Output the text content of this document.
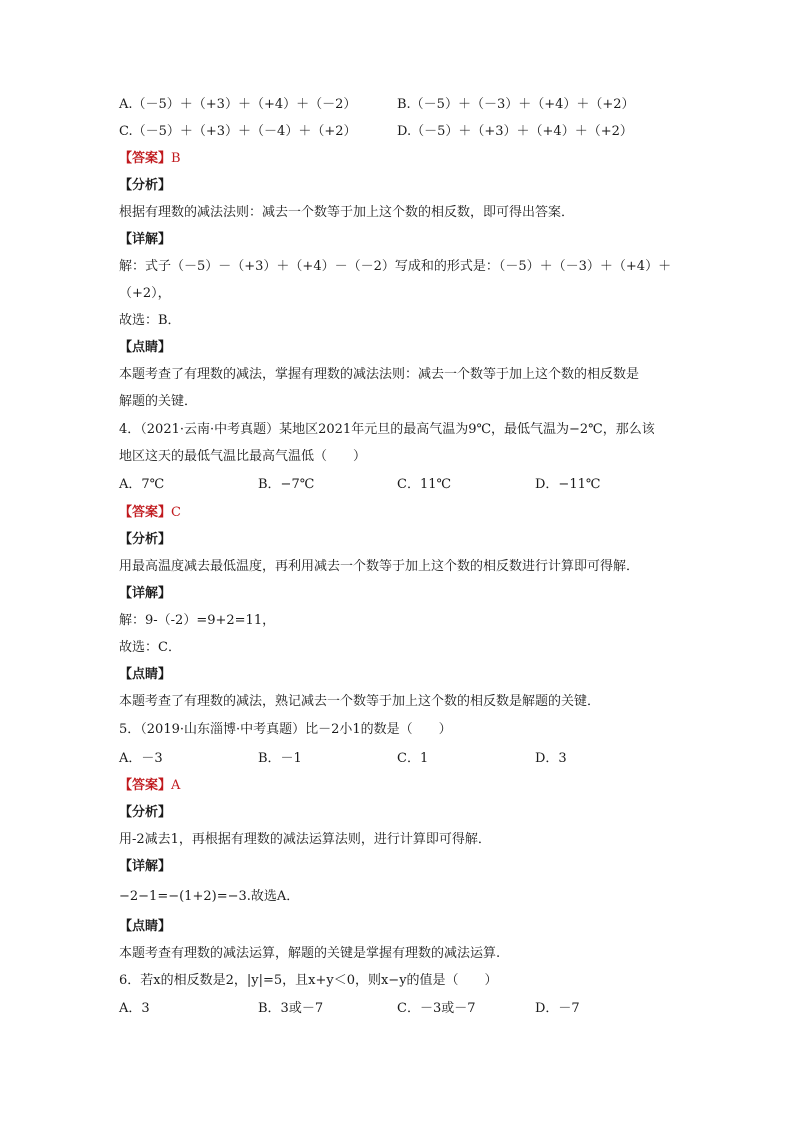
A.（－5）＋（+3）＋（+4）＋（－2）	B.（－5）＋（－3）＋（+4）＋（+2）
C.（－5）＋（+3）＋（－4）＋（+2）	D.（－5）＋（+3）＋（+4）＋（+2）
【答案】B
【分析】
根据有理数的减法法则：减去一个数等于加上这个数的相反数，即可得出答案．
【详解】
解：式子（－5）－（+3）＋（+4）－（－2）写成和的形式是：（－5）＋（－3）＋（+4）＋
（+2），
故选：B．
【点睛】
本题考查了有理数的减法，掌握有理数的减法法则：减去一个数等于加上这个数的相反数是
解题的关键．
4．（2021·云南·中考真题）某地区2021年元旦的最高气温为9℃，最低气温为−2℃，那么该
地区这天的最低气温比最高气温低（　　）
A．7℃	B．−7℃	C．11℃	D．−11℃
【答案】C
【分析】
用最高温度减去最低温度，再利用减去一个数等于加上这个数的相反数进行计算即可得解．
【详解】
解：9-（-2）=9+2=11，
故选：C．
【点睛】
本题考查了有理数的减法，熟记减去一个数等于加上这个数的相反数是解题的关键．
5．（2019·山东淄博·中考真题）比－2小1的数是（　　）
A．－3	B．－1	C．1	D．3
【答案】A
【分析】
用-2减去1，再根据有理数的减法运算法则，进行计算即可得解．
【详解】
−2−1=−(1+2)=−3.故选A．
【点睛】
本题考查有理数的减法运算，解题的关键是掌握有理数的减法运算.
6．若x的相反数是2，|y|=5，且x+y＜0，则x−y的值是（　　）
A．3	B．3或－7	C．－3或－7	D．－7
